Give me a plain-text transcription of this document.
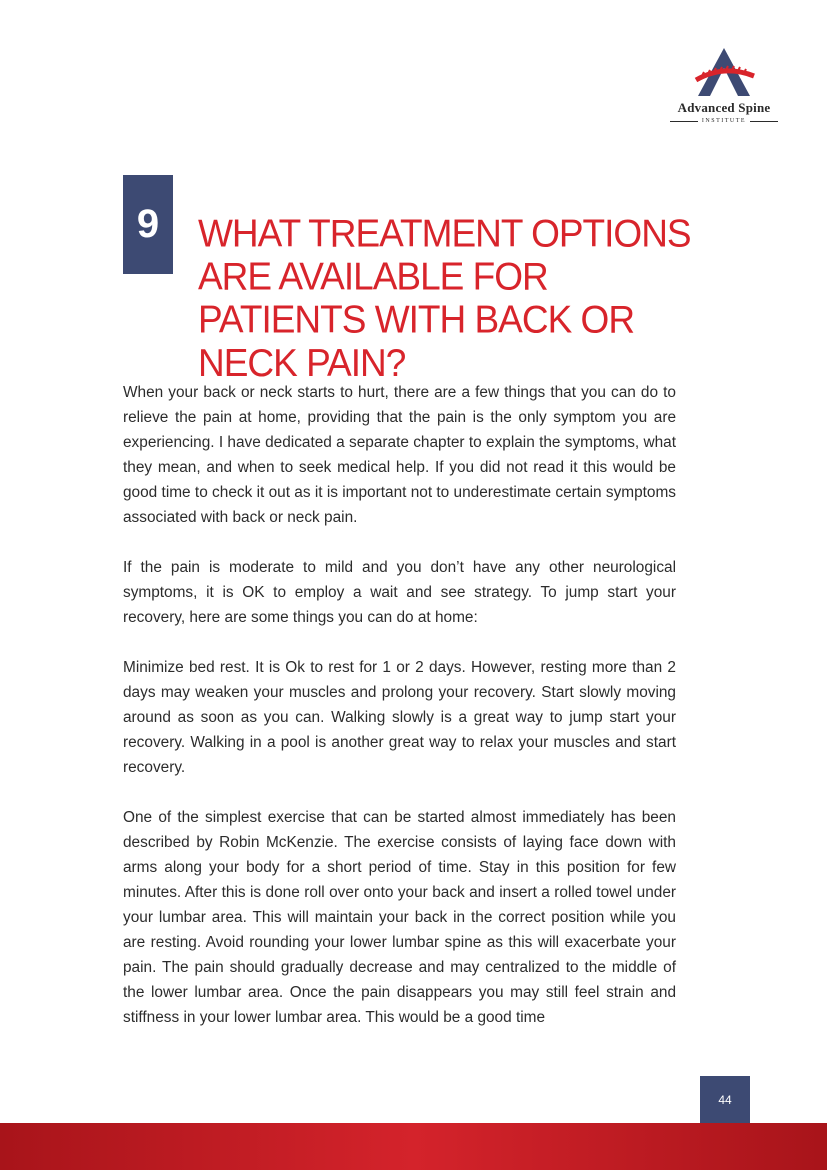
Advanced Spine
INSTITUTE
9	WHAT TREATMENT OPTIONS ARE AVAILABLE FOR PATIENTS WITH BACK OR NECK PAIN?

When your back or neck starts to hurt, there are a few things that you can do to relieve the pain at home, providing that the pain is the only symptom you are experiencing. I have dedicated a separate chapter to explain the symptoms, what they mean, and when to seek medical help. If you did not read it this would be good time to check it out as it is important not to underestimate certain symptoms associated with back or neck pain.

If the pain is moderate to mild and you don’t have any other neurological symptoms, it is OK to employ a wait and see strategy. To jump start your recovery, here are some things you can do at home:

Minimize bed rest. It is Ok to rest for 1 or 2 days. However, resting more than 2 days may weaken your muscles and prolong your recovery. Start slowly moving around as soon as you can. Walking slowly is a great way to jump start your recovery. Walking in a pool is another great way to relax your muscles and start recovery.

One of the simplest exercise that can be started almost immediately has been described by Robin McKenzie. The exercise consists of laying face down with arms along your body for a short period of time. Stay in this position for few minutes. After this is done roll over onto your back and insert a rolled towel under your lumbar area. This will maintain your back in the correct position while you are resting. Avoid rounding your lower lumbar spine as this will exacerbate your pain. The pain should gradually decrease and may centralized to the middle of the lower lumbar area. Once the pain disappears you may still feel strain and stiffness in your lower lumbar area. This would be a good time

44
